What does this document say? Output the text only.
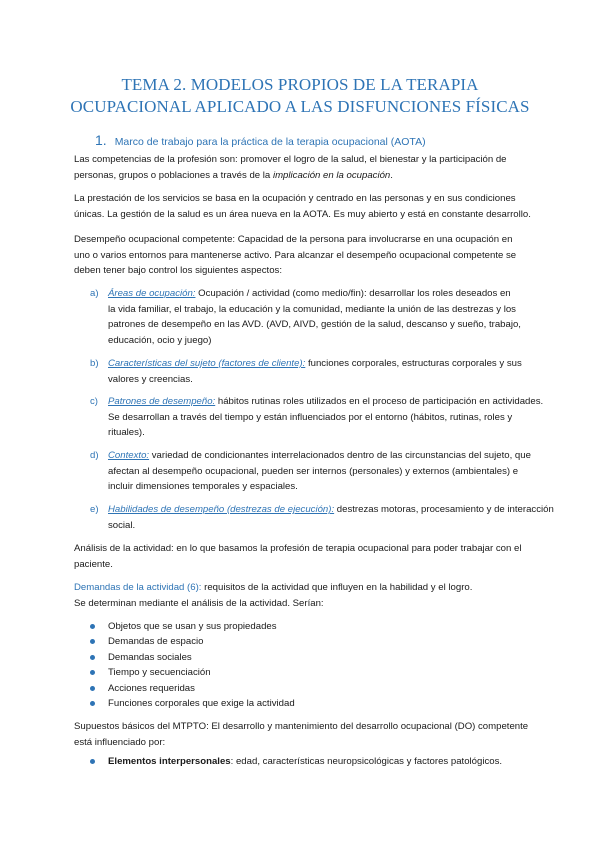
TEMA 2. MODELOS PROPIOS DE LA TERAPIA
OCUPACIONAL APLICADO A LAS DISFUNCIONES FÍSICAS
1. Marco de trabajo para la práctica de la terapia ocupacional (AOTA)
Las competencias de la profesión son: promover el logro de la salud, el bienestar y la participación de
personas, grupos o poblaciones a través de la implicación en la ocupación.
La prestación de los servicios se basa en la ocupación y centrado en las personas y en sus condiciones
únicas. La gestión de la salud es un área nueva en la AOTA. Es muy abierto y está en constante desarrollo.
Desempeño ocupacional competente: Capacidad de la persona para involucrarse en una ocupación en
uno o varios entornos para mantenerse activo. Para alcanzar el desempeño ocupacional competente se
deben tener bajo control los siguientes aspectos:
a) Áreas de ocupación: Ocupación / actividad (como medio/fin): desarrollar los roles deseados en
la vida familiar, el trabajo, la educación y la comunidad, mediante la unión de las destrezas y los
patrones de desempeño en las AVD. (AVD, AIVD, gestión de la salud, descanso y sueño, trabajo,
educación, ocio y juego)
b) Características del sujeto (factores de cliente): funciones corporales, estructuras corporales y sus
valores y creencias.
c) Patrones de desempeño: hábitos rutinas roles utilizados en el proceso de participación en actividades.
Se desarrollan a través del tiempo y están influenciados por el entorno (hábitos, rutinas, roles y
rituales).
d) Contexto: variedad de condicionantes interrelacionados dentro de las circunstancias del sujeto, que
afectan al desempeño ocupacional, pueden ser internos (personales) y externos (ambientales) e
incluir dimensiones temporales y espaciales.
e) Habilidades de desempeño (destrezas de ejecución): destrezas motoras, procesamiento y de interacción
social.
Análisis de la actividad: en lo que basamos la profesión de terapia ocupacional para poder trabajar con el
paciente.
Demandas de la actividad (6): requisitos de la actividad que influyen en la habilidad y el logro.
Se determinan mediante el análisis de la actividad. Serían:
Objetos que se usan y sus propiedades
Demandas de espacio
Demandas sociales
Tiempo y secuenciación
Acciones requeridas
Funciones corporales que exige la actividad
Supuestos básicos del MTPTO: El desarrollo y mantenimiento del desarrollo ocupacional (DO) competente
está influenciado por:
Elementos interpersonales: edad, características neuropsicológicas y factores patológicos.
